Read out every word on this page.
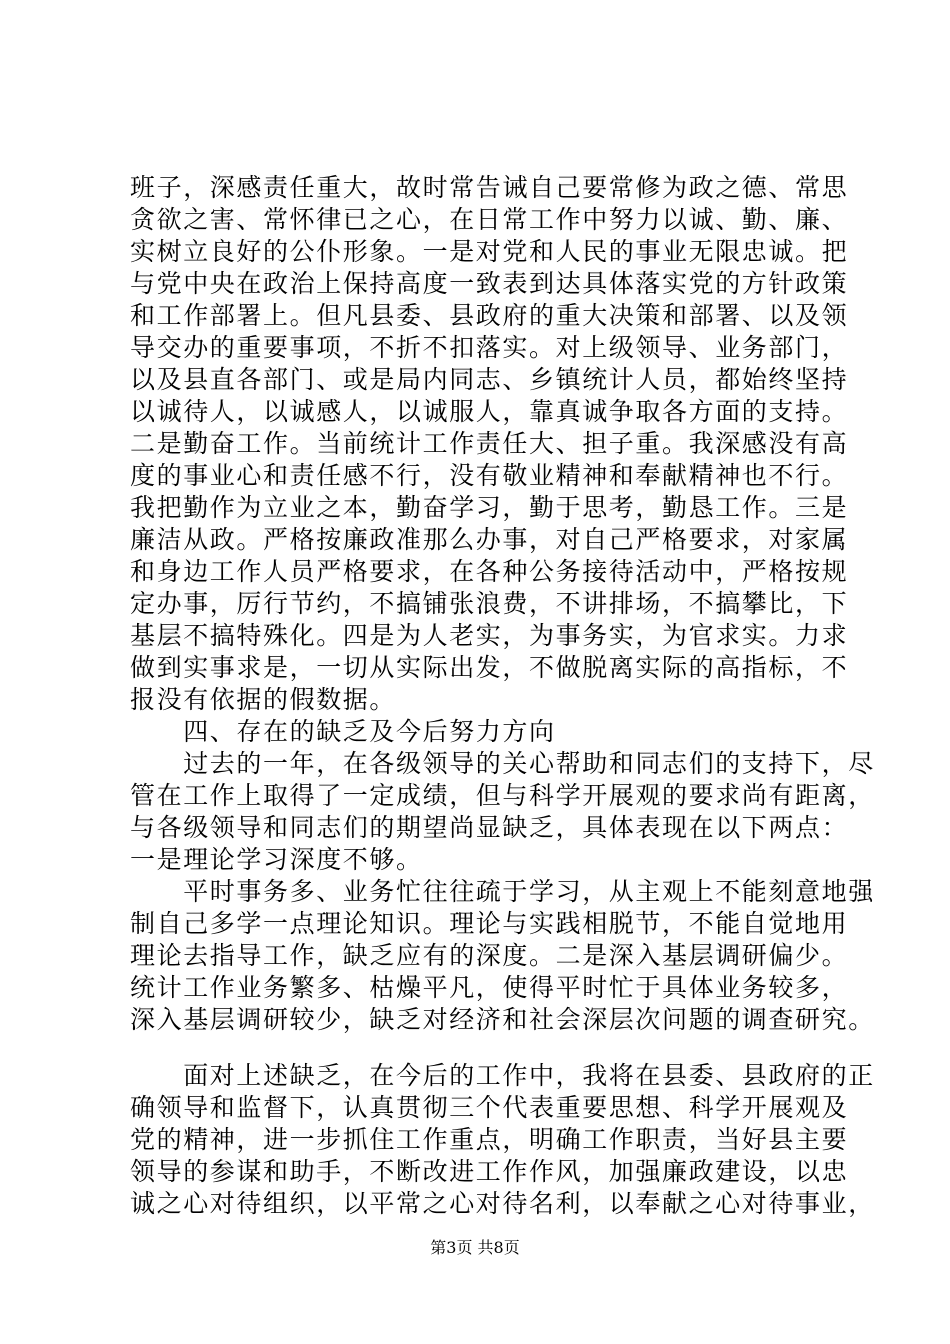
班子，深感责任重大，故时常告诫自己要常修为政之德、常思
贪欲之害、常怀律已之心，在日常工作中努力以诚、勤、廉、
实树立良好的公仆形象。一是对党和人民的事业无限忠诚。把
与党中央在政治上保持高度一致表到达具体落实党的方针政策
和工作部署上。但凡县委、县政府的重大决策和部署、以及领
导交办的重要事项，不折不扣落实。对上级领导、业务部门，
以及县直各部门、或是局内同志、乡镇统计人员，都始终坚持
以诚待人，以诚感人，以诚服人，靠真诚争取各方面的支持。
二是勤奋工作。当前统计工作责任大、担子重。我深感没有高
度的事业心和责任感不行，没有敬业精神和奉献精神也不行。
我把勤作为立业之本，勤奋学习，勤于思考，勤恳工作。三是
廉洁从政。严格按廉政准那么办事，对自己严格要求，对家属
和身边工作人员严格要求，在各种公务接待活动中，严格按规
定办事，厉行节约，不搞铺张浪费，不讲排场，不搞攀比，下
基层不搞特殊化。四是为人老实，为事务实，为官求实。力求
做到实事求是，一切从实际出发，不做脱离实际的高指标，不
报没有依据的假数据。
　　四、存在的缺乏及今后努力方向
　　过去的一年，在各级领导的关心帮助和同志们的支持下，尽
管在工作上取得了一定成绩，但与科学开展观的要求尚有距离，
与各级领导和同志们的期望尚显缺乏，具体表现在以下两点：
一是理论学习深度不够。
　　平时事务多、业务忙往往疏于学习，从主观上不能刻意地强
制自己多学一点理论知识。理论与实践相脱节，不能自觉地用
理论去指导工作，缺乏应有的深度。二是深入基层调研偏少。
统计工作业务繁多、枯燥平凡，使得平时忙于具体业务较多，
深入基层调研较少，缺乏对经济和社会深层次问题的调查研究。
　　面对上述缺乏，在今后的工作中，我将在县委、县政府的正
确领导和监督下，认真贯彻三个代表重要思想、科学开展观及
党的精神，进一步抓住工作重点，明确工作职责，当好县主要
领导的参谋和助手，不断改进工作作风，加强廉政建设，以忠
诚之心对待组织，以平常之心对待名利，以奉献之心对待事业，
第3页 共8页
